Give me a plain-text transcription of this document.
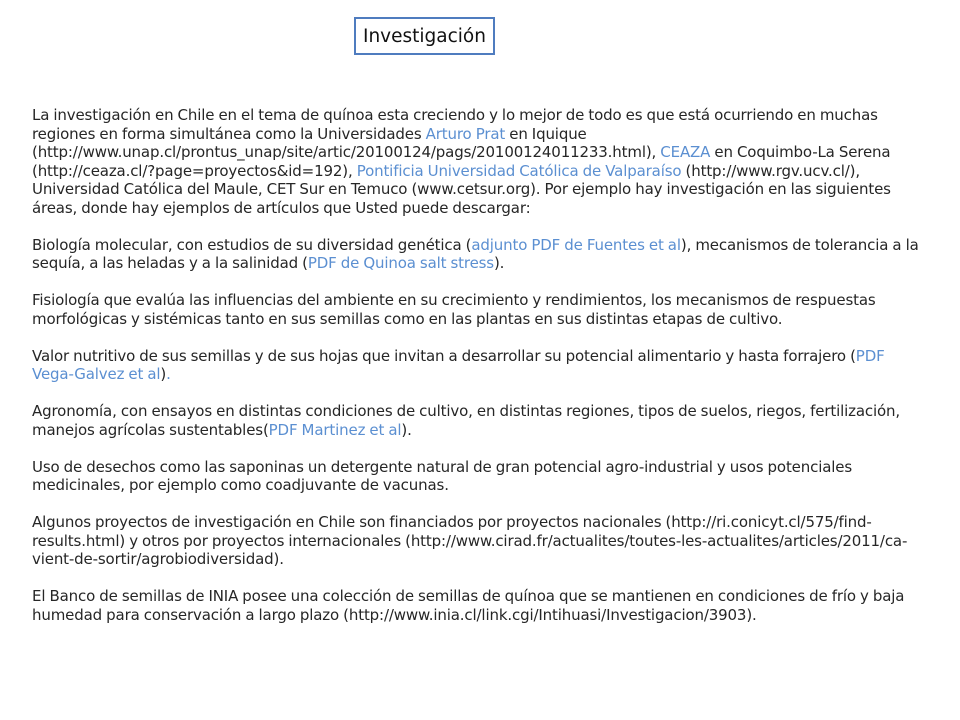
Investigación

La investigación en Chile en el tema de quínoa esta creciendo y lo mejor de todo es que está ocurriendo en muchas regiones en forma simultánea como la Universidades Arturo Prat en Iquique (http://www.unap.cl/prontus_unap/site/artic/20100124/pags/20100124011233.html), CEAZA en Coquimbo-La Serena (http://ceaza.cl/?page=proyectos&id=192), Pontificia Universidad Católica de Valparaíso (http://www.rgv.ucv.cl/), Universidad Católica del Maule, CET Sur en Temuco (www.cetsur.org). Por ejemplo hay investigación en las siguientes áreas, donde hay ejemplos de artículos que Usted puede descargar:

Biología molecular, con estudios de su diversidad genética (adjunto PDF de Fuentes et al), mecanismos de tolerancia a la sequía, a las heladas y a la salinidad (PDF de Quinoa salt stress).

Fisiología que evalúa las influencias del ambiente en su crecimiento y rendimientos, los mecanismos de respuestas morfológicas y sistémicas tanto en sus semillas como en las plantas en sus distintas etapas de cultivo.

Valor nutritivo de sus semillas y de sus hojas que invitan a desarrollar su potencial alimentario y hasta forrajero (PDF Vega-Galvez et al).

Agronomía, con ensayos en distintas condiciones de cultivo, en distintas regiones, tipos de suelos, riegos, fertilización, manejos agrícolas sustentables(PDF Martinez et al).

Uso de desechos como las saponinas un detergente natural de gran potencial agro-industrial y usos potenciales medicinales, por ejemplo como coadjuvante de vacunas.

Algunos proyectos de investigación en Chile son financiados por proyectos nacionales (http://ri.conicyt.cl/575/find-results.html) y otros por proyectos internacionales (http://www.cirad.fr/actualites/toutes-les-actualites/articles/2011/ca-vient-de-sortir/agrobiodiversidad).

El Banco de semillas de INIA posee una colección de semillas de quínoa que se mantienen en condiciones de frío y baja humedad para conservación a largo plazo (http://www.inia.cl/link.cgi/Intihuasi/Investigacion/3903).
